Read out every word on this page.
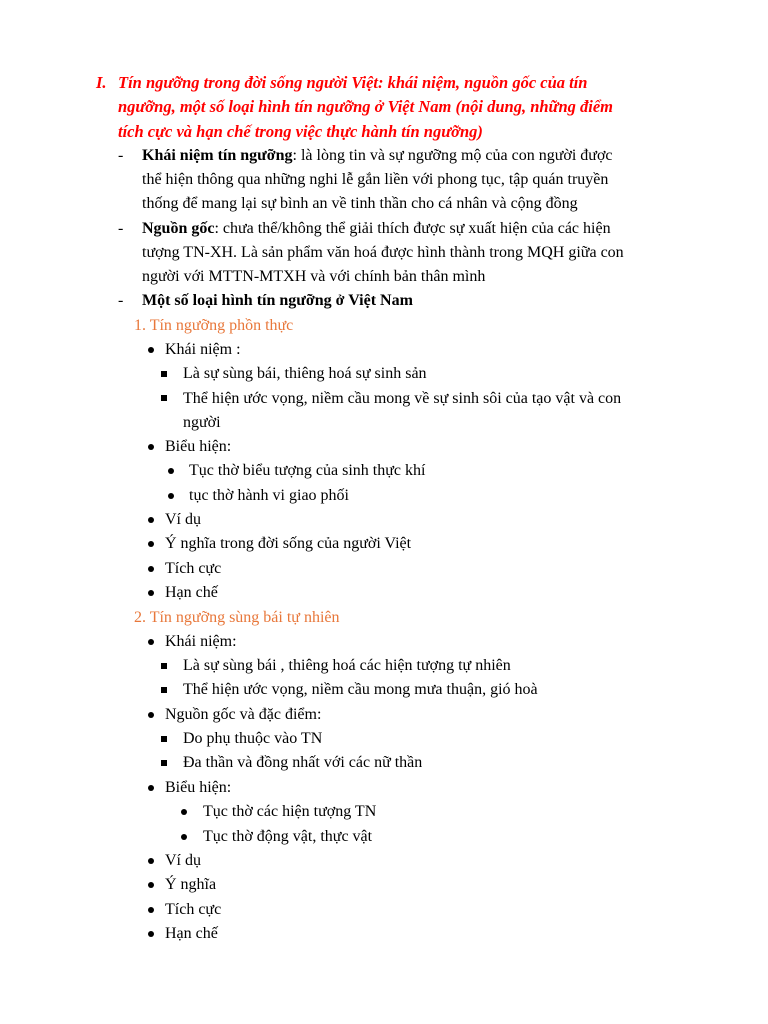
I. Tín ngưỡng trong đời sống người Việt: khái niệm, nguồn gốc của tín
ngưỡng, một số loại hình tín ngưỡng ở Việt Nam (nội dung, những điểm
tích cực và hạn chế trong việc thực hành tín ngưỡng)
- Khái niệm tín ngưỡng: là lòng tin và sự ngưỡng mộ của con người được
thể hiện thông qua những nghi lễ gắn liền với phong tục, tập quán truyền
thống để mang lại sự bình an về tinh thần cho cá nhân và cộng đồng
- Nguồn gốc: chưa thể/không thể giải thích được sự xuất hiện của các hiện
tượng TN-XH. Là sản phẩm văn hoá được hình thành trong MQH giữa con
người với MTTN-MTXH và với chính bản thân mình
- Một số loại hình tín ngưỡng ở Việt Nam
1. Tín ngưỡng phồn thực
Khái niệm :
Là sự sùng bái, thiêng hoá sự sinh sản
Thể hiện ước vọng, niềm cầu mong về sự sinh sôi của tạo vật và con
người
Biểu hiện:
Tục thờ biểu tượng của sinh thực khí
tục thờ hành vi giao phối
Ví dụ
Ý nghĩa trong đời sống của người Việt
Tích cực
Hạn chế
2. Tín ngưỡng sùng bái tự nhiên
Khái niệm:
Là sự sùng bái , thiêng hoá các hiện tượng tự nhiên
Thể hiện ước vọng, niềm cầu mong mưa thuận, gió hoà
Nguồn gốc và đặc điểm:
Do phụ thuộc vào TN
Đa thần và đồng nhất với các nữ thần
Biểu hiện:
Tục thờ các hiện tượng TN
Tục thờ động vật, thực vật
Ví dụ
Ý nghĩa
Tích cực
Hạn chế
